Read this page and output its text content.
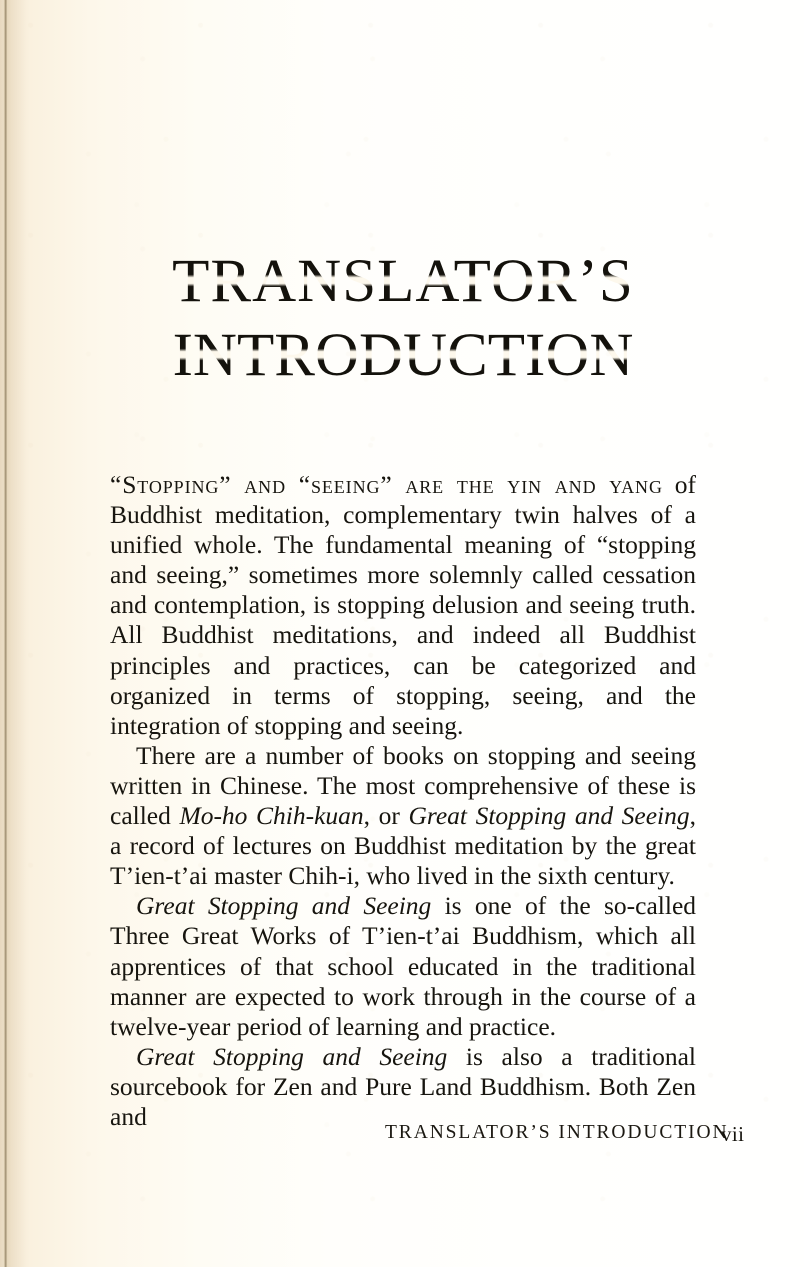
TRANSLATOR’S
INTRODUCTION

“Stopping” and “seeing” are the yin and yang of Buddhist meditation, complementary twin halves of a unified whole. The fundamental meaning of “stopping and seeing,” sometimes more solemnly called cessation and contemplation, is stopping delusion and seeing truth. All Buddhist meditations, and indeed all Buddhist principles and practices, can be categorized and organized in terms of stopping, seeing, and the integration of stopping and seeing.

There are a number of books on stopping and seeing written in Chinese. The most comprehensive of these is called Mo-ho Chih-kuan, or Great Stopping and Seeing, a record of lectures on Buddhist meditation by the great T’ien-t’ai master Chih-i, who lived in the sixth century.

Great Stopping and Seeing is one of the so-called Three Great Works of T’ien-t’ai Buddhism, which all apprentices of that school educated in the traditional manner are expected to work through in the course of a twelve-year period of learning and practice.

Great Stopping and Seeing is also a traditional sourcebook for Zen and Pure Land Buddhism. Both Zen and

TRANSLATOR’S INTRODUCTION
vii
